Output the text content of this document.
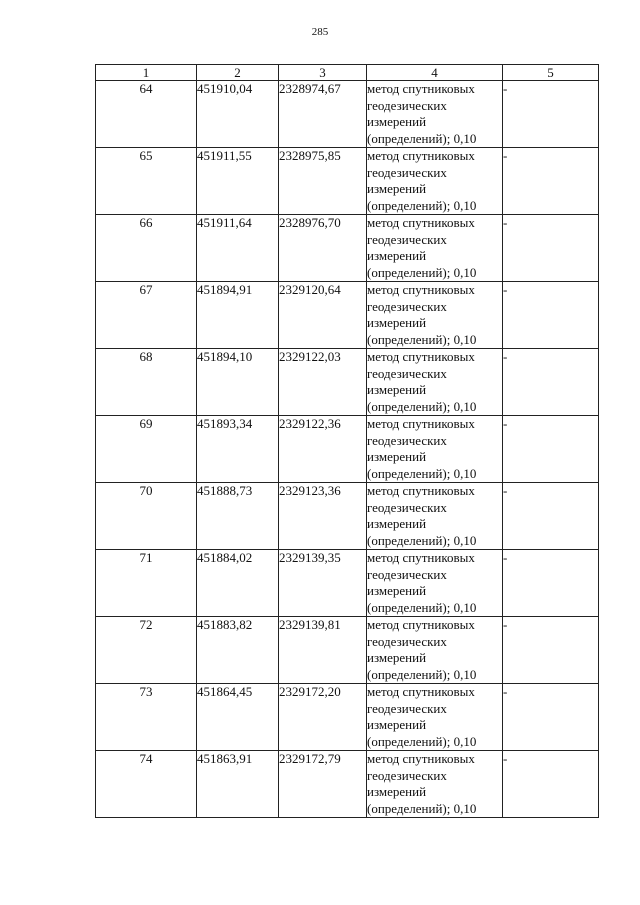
285
1	2	3	4	5
64	451910,04	2328974,67	метод спутниковых геодезических измерений (определений); 0,10	-
65	451911,55	2328975,85	метод спутниковых геодезических измерений (определений); 0,10	-
66	451911,64	2328976,70	метод спутниковых геодезических измерений (определений); 0,10	-
67	451894,91	2329120,64	метод спутниковых геодезических измерений (определений); 0,10	-
68	451894,10	2329122,03	метод спутниковых геодезических измерений (определений); 0,10	-
69	451893,34	2329122,36	метод спутниковых геодезических измерений (определений); 0,10	-
70	451888,73	2329123,36	метод спутниковых геодезических измерений (определений); 0,10	-
71	451884,02	2329139,35	метод спутниковых геодезических измерений (определений); 0,10	-
72	451883,82	2329139,81	метод спутниковых геодезических измерений (определений); 0,10	-
73	451864,45	2329172,20	метод спутниковых геодезических измерений (определений); 0,10	-
74	451863,91	2329172,79	метод спутниковых геодезических измерений (определений); 0,10	-
